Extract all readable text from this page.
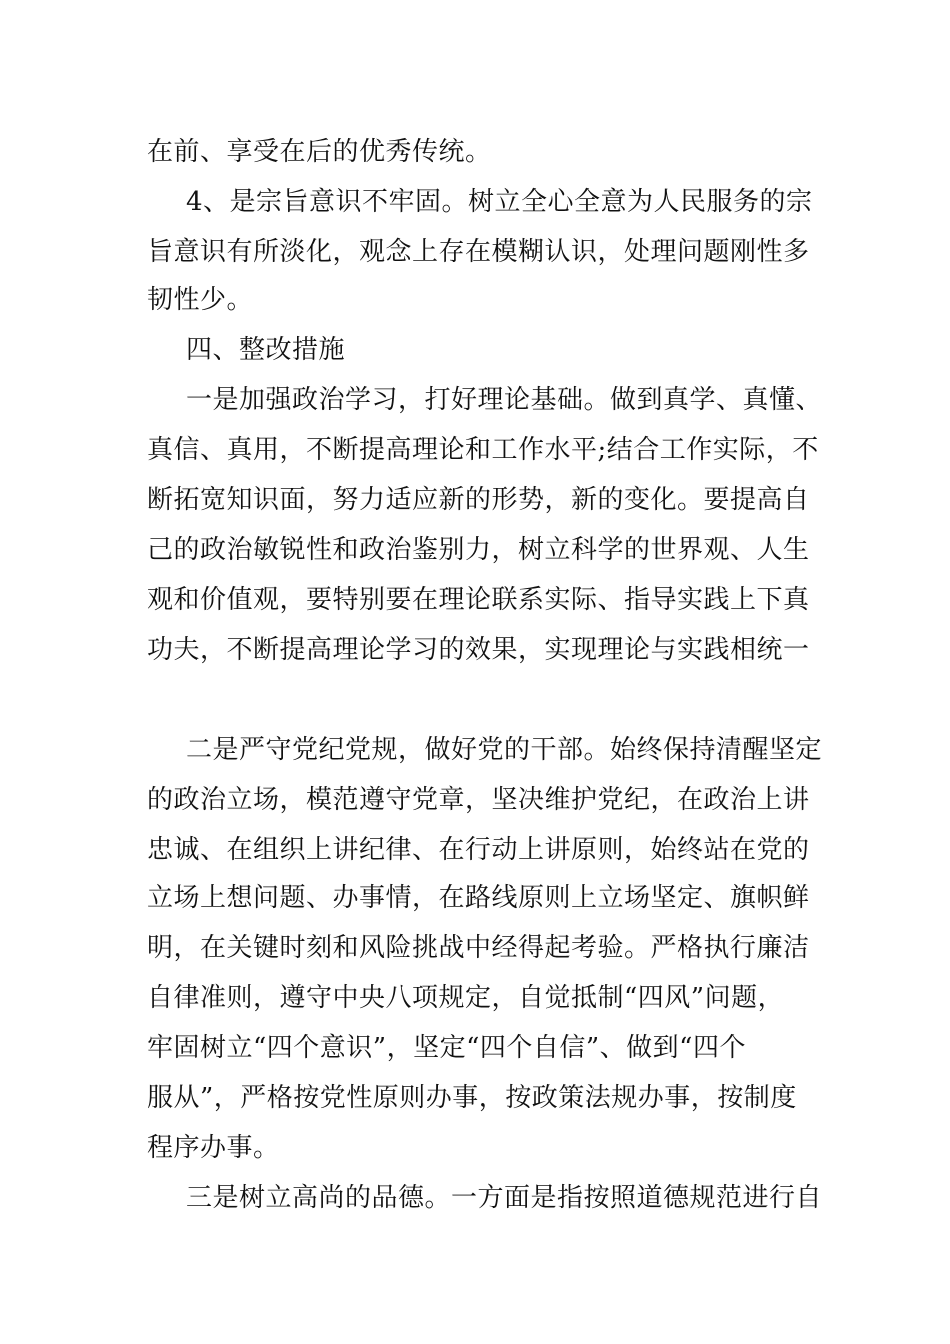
在前、享受在后的优秀传统。
4、是宗旨意识不牢固。树立全心全意为人民服务的宗
旨意识有所淡化，观念上存在模糊认识，处理问题刚性多
韧性少。
四、整改措施
一是加强政治学习，打好理论基础。做到真学、真懂、
真信、真用，不断提高理论和工作水平;结合工作实际，不
断拓宽知识面，努力适应新的形势，新的变化。要提高自
己的政治敏锐性和政治鉴别力，树立科学的世界观、人生
观和价值观，要特别要在理论联系实际、指导实践上下真
功夫，不断提高理论学习的效果，实现理论与实践相统一
二是严守党纪党规，做好党的干部。始终保持清醒坚定
的政治立场，模范遵守党章，坚决维护党纪，在政治上讲
忠诚、在组织上讲纪律、在行动上讲原则，始终站在党的
立场上想问题、办事情，在路线原则上立场坚定、旗帜鲜
明，在关键时刻和风险挑战中经得起考验。严格执行廉洁
自律准则，遵守中央八项规定，自觉抵制“四风”问题，
牢固树立“四个意识”，坚定“四个自信”、做到“四个
服从”，严格按党性原则办事，按政策法规办事，按制度
程序办事。
三是树立高尚的品德。一方面是指按照道德规范进行自
